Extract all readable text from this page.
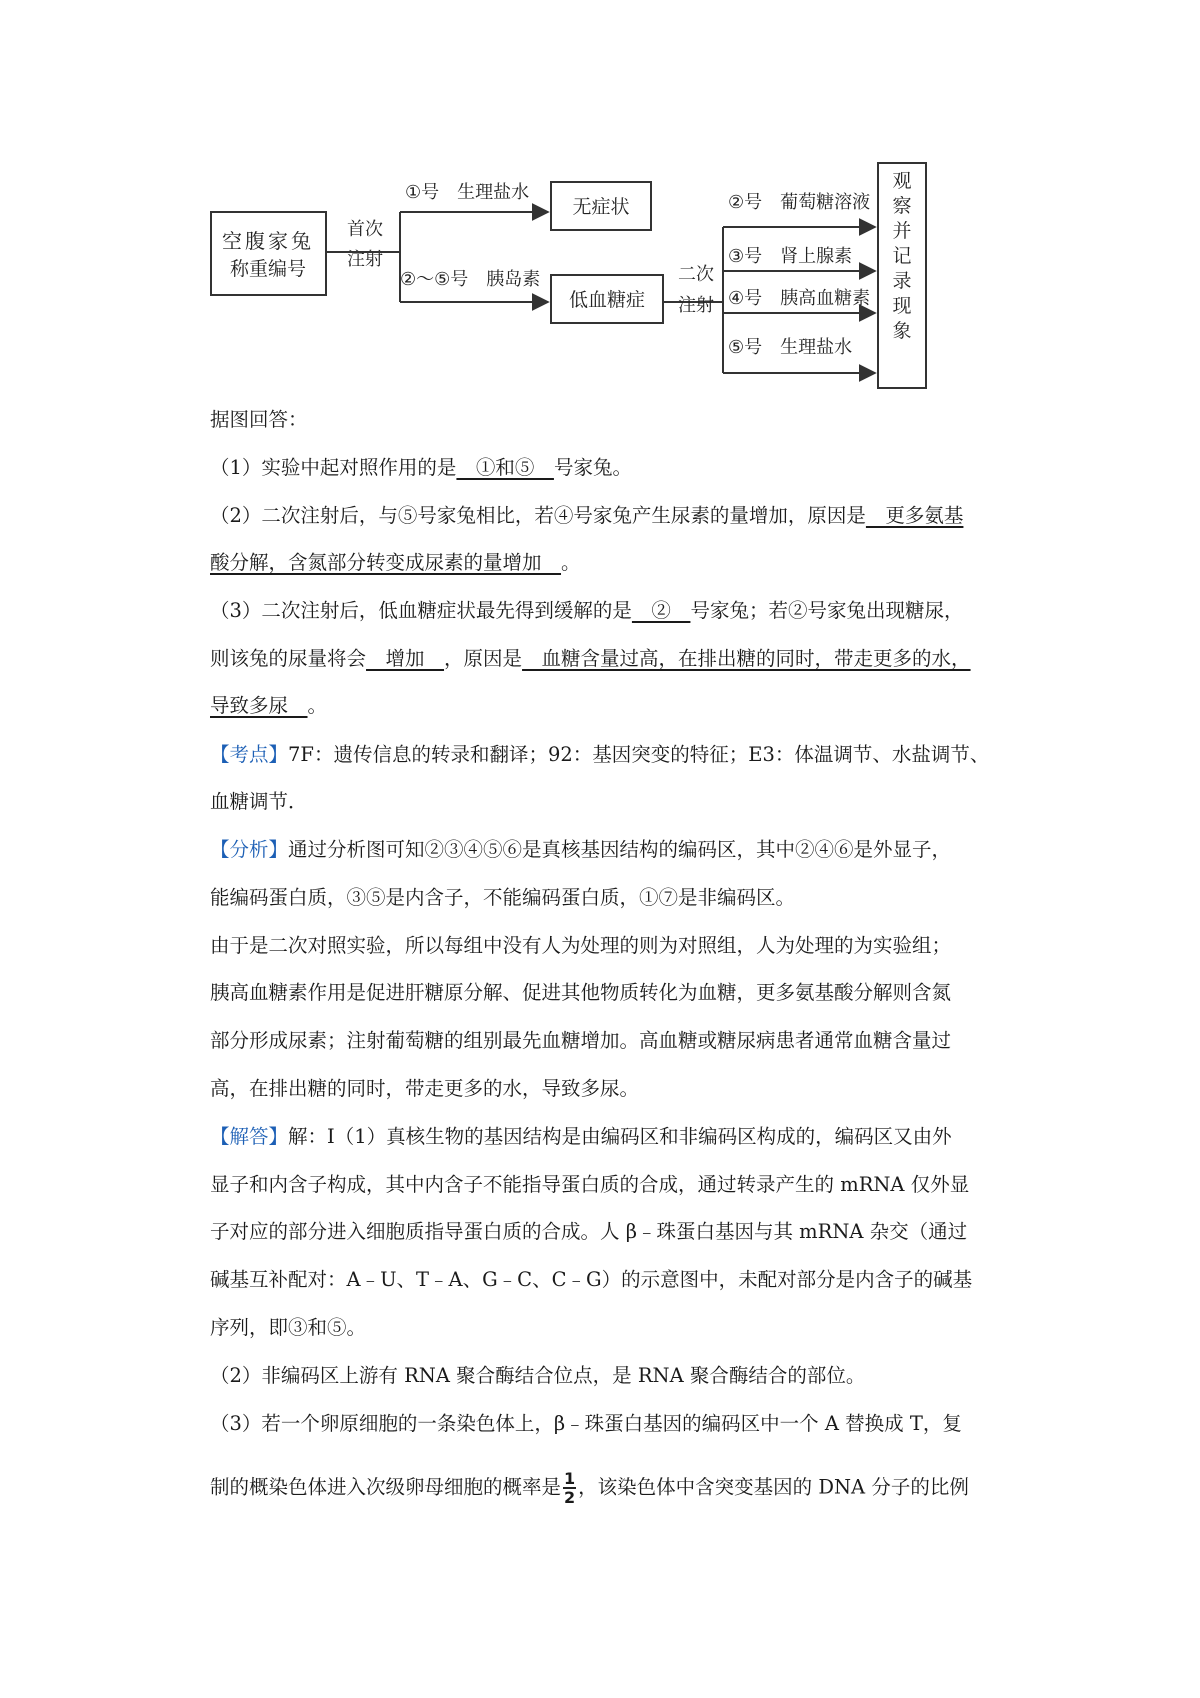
空腹家兔
称重编号
首次
注射
①号　生理盐水
②～⑤号　胰岛素
无症状
低血糖症
二次
注射
②号　葡萄糖溶液
③号　肾上腺素
④号　胰高血糖素
⑤号　生理盐水
观
察
并
记
录
现
象
据图回答：
（1）实验中起对照作用的是　①和⑤　号家兔。
（2）二次注射后，与⑤号家兔相比，若④号家兔产生尿素的量增加，原因是　更多氨基
酸分解，含氮部分转变成尿素的量增加　。
（3）二次注射后，低血糖症状最先得到缓解的是　②　号家兔；若②号家兔出现糖尿，
则该兔的尿量将会　增加　，原因是　血糖含量过高，在排出糖的同时，带走更多的水，
导致多尿　。
【考点】7F：遗传信息的转录和翻译；92：基因突变的特征；E3：体温调节、水盐调节、
血糖调节．
【分析】通过分析图可知②③④⑤⑥是真核基因结构的编码区，其中②④⑥是外显子，
能编码蛋白质，③⑤是内含子，不能编码蛋白质，①⑦是非编码区。
由于是二次对照实验，所以每组中没有人为处理的则为对照组，人为处理的为实验组；
胰高血糖素作用是促进肝糖原分解、促进其他物质转化为血糖，更多氨基酸分解则含氮
部分形成尿素；注射葡萄糖的组别最先血糖增加。高血糖或糖尿病患者通常血糖含量过
高，在排出糖的同时，带走更多的水，导致多尿。
【解答】解：Ⅰ（1）真核生物的基因结构是由编码区和非编码区构成的，编码区又由外
显子和内含子构成，其中内含子不能指导蛋白质的合成，通过转录产生的 mRNA 仅外显
子对应的部分进入细胞质指导蛋白质的合成。人 β﹣珠蛋白基因与其 mRNA 杂交（通过
碱基互补配对：A﹣U、T﹣A、G﹣C、C﹣G）的示意图中，未配对部分是内含子的碱基
序列，即③和⑤。
（2）非编码区上游有 RNA 聚合酶结合位点，是 RNA 聚合酶结合的部位。
（3）若一个卵原细胞的一条染色体上，β﹣珠蛋白基因的编码区中一个 A 替换成 T，复
制的概染色体进入次级卵母细胞的概率是 $\frac{1}{2}$ ，该染色体中含突变基因的 DNA 分子的比例
